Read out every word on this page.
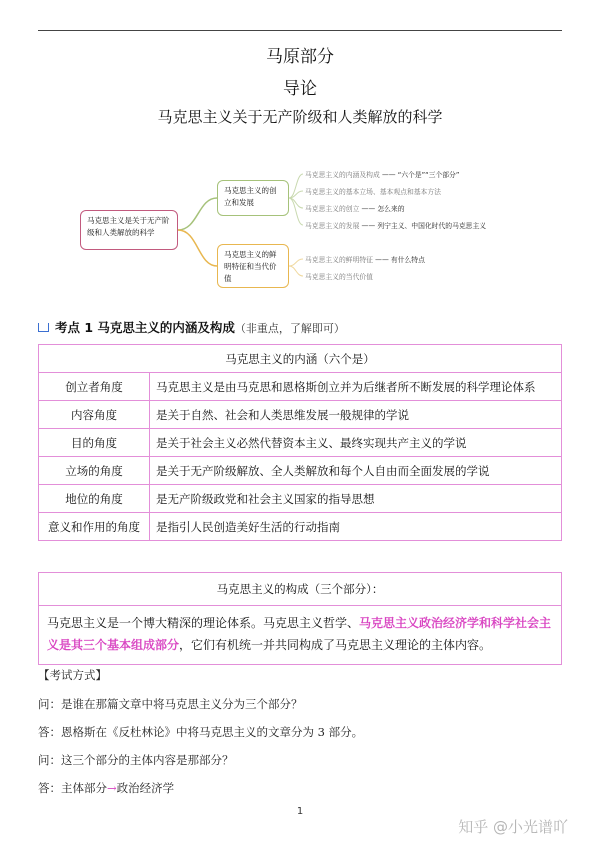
马原部分
导论
马克思主义关于无产阶级和人类解放的科学
马克思主义是关于无产阶级和人类解放的科学
马克思主义的创立和发展
马克思主义的鲜明特征和当代价值
马克思主义的内涵及构成 —— “六个是”“三个部分”
马克思主义的基本立场、基本观点和基本方法
马克思主义的创立 —— 怎么来的
马克思主义的发展 —— 列宁主义、中国化时代的马克思主义
马克思主义的鲜明特征 —— 有什么特点
马克思主义的当代价值
考点 1 马克思主义的内涵及构成（非重点，了解即可）
马克思主义的内涵（六个是）	
创立者角度	马克思主义是由马克思和恩格斯创立并为后继者所不断发展的科学理论体系
内容角度	是关于自然、社会和人类思维发展一般规律的学说
目的角度	是关于社会主义必然代替资本主义、最终实现共产主义的学说
立场的角度	是关于无产阶级解放、全人类解放和每个人自由而全面发展的学说
地位的角度	是无产阶级政党和社会主义国家的指导思想
意义和作用的角度	是指引人民创造美好生活的行动指南
马克思主义的构成（三个部分）：
马克思主义是一个博大精深的理论体系。马克思主义哲学、马克思主义政治经济学和科学社会主义是其三个基本组成部分，它们有机统一并共同构成了马克思主义理论的主体内容。
【考试方式】
问：是谁在那篇文章中将马克思主义分为三个部分？
答：恩格斯在《反杜林论》中将马克思主义的文章分为 3 部分。
问：这三个部分的主体内容是那部分？
答：主体部分→政治经济学
1
知乎 @小光谱吖
